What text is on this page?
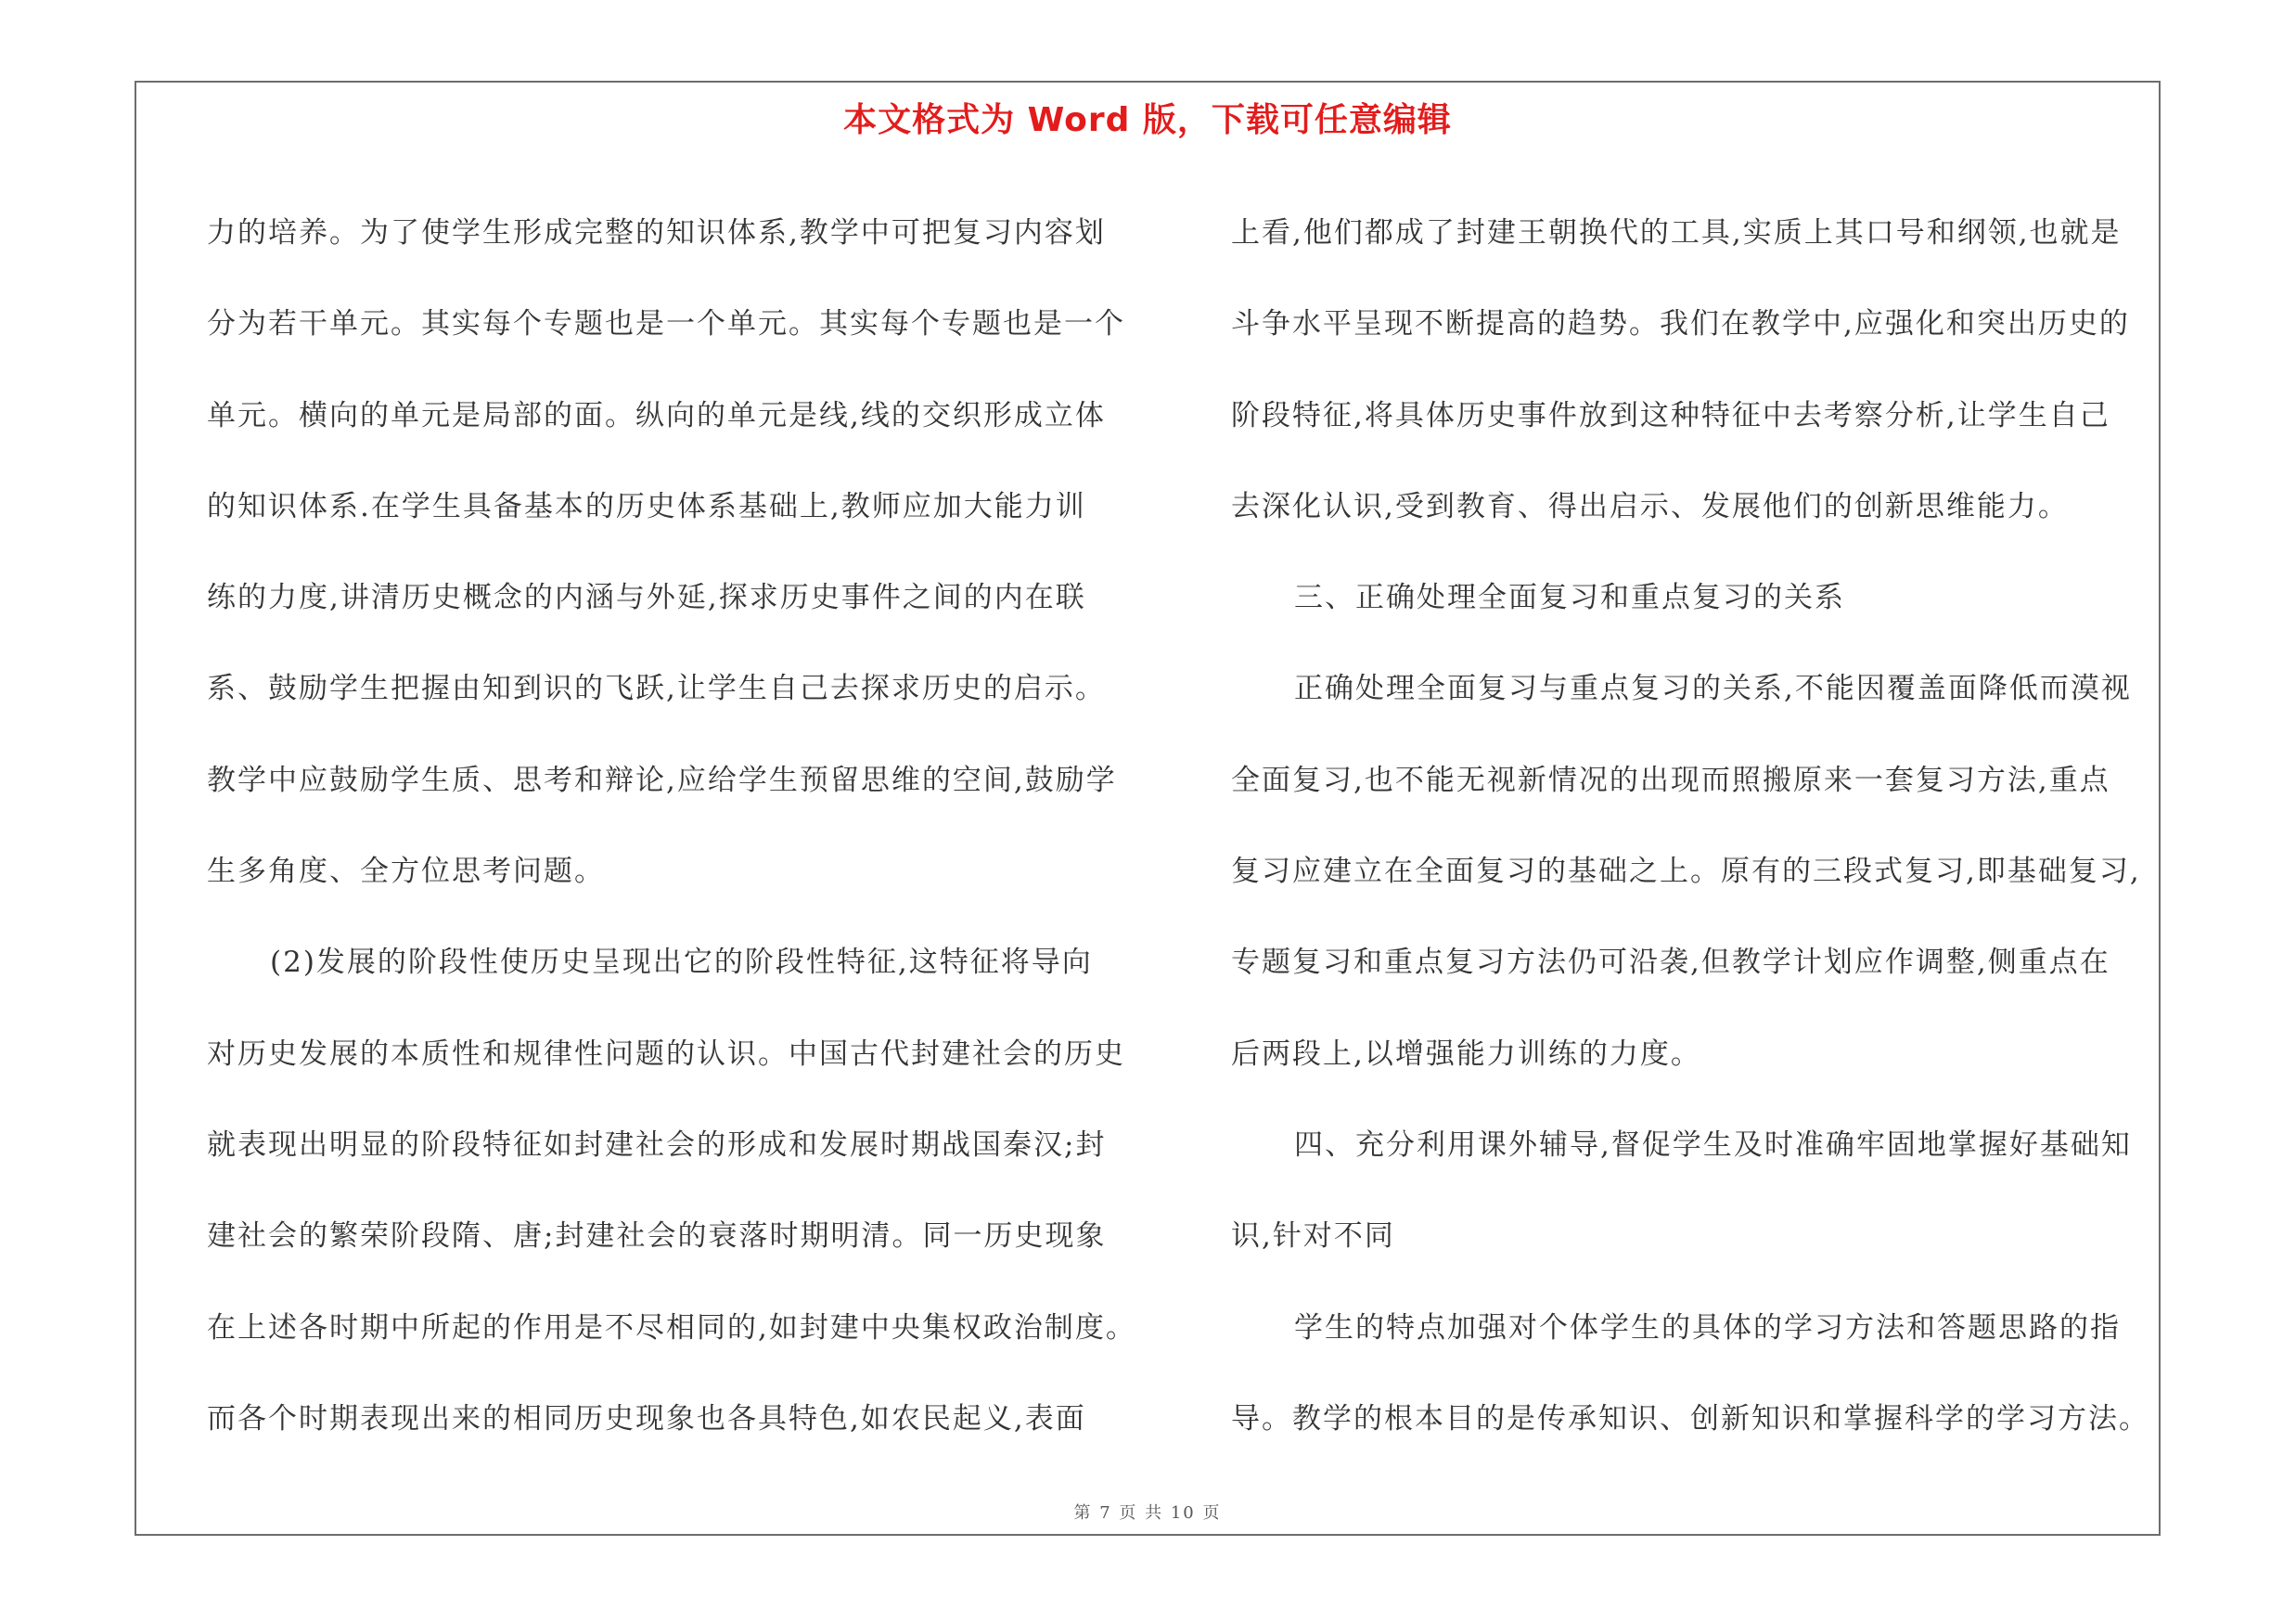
本文格式为 Word 版，下载可任意编辑
力的培养。为了使学生形成完整的知识体系,教学中可把复习内容划
分为若干单元。其实每个专题也是一个单元。其实每个专题也是一个
单元。横向的单元是局部的面。纵向的单元是线,线的交织形成立体
的知识体系.在学生具备基本的历史体系基础上,教师应加大能力训
练的力度,讲清历史概念的内涵与外延,探求历史事件之间的内在联
系、鼓励学生把握由知到识的飞跃,让学生自己去探求历史的启示。
教学中应鼓励学生质、思考和辩论,应给学生预留思维的空间,鼓励学
生多角度、全方位思考问题。
(2)发展的阶段性使历史呈现出它的阶段性特征,这特征将导向
对历史发展的本质性和规律性问题的认识。中国古代封建社会的历史
就表现出明显的阶段特征如封建社会的形成和发展时期战国秦汉;封
建社会的繁荣阶段隋、唐;封建社会的衰落时期明清。同一历史现象
在上述各时期中所起的作用是不尽相同的,如封建中央集权政治制度。
而各个时期表现出来的相同历史现象也各具特色,如农民起义,表面
上看,他们都成了封建王朝换代的工具,实质上其口号和纲领,也就是
斗争水平呈现不断提高的趋势。我们在教学中,应强化和突出历史的
阶段特征,将具体历史事件放到这种特征中去考察分析,让学生自己
去深化认识,受到教育、得出启示、发展他们的创新思维能力。
三、正确处理全面复习和重点复习的关系
正确处理全面复习与重点复习的关系,不能因覆盖面降低而漠视
全面复习,也不能无视新情况的出现而照搬原来一套复习方法,重点
复习应建立在全面复习的基础之上。原有的三段式复习,即基础复习,
专题复习和重点复习方法仍可沿袭,但教学计划应作调整,侧重点在
后两段上,以增强能力训练的力度。
四、充分利用课外辅导,督促学生及时准确牢固地掌握好基础知
识,针对不同
学生的特点加强对个体学生的具体的学习方法和答题思路的指
导。教学的根本目的是传承知识、创新知识和掌握科学的学习方法。
第 7 页 共 10 页
